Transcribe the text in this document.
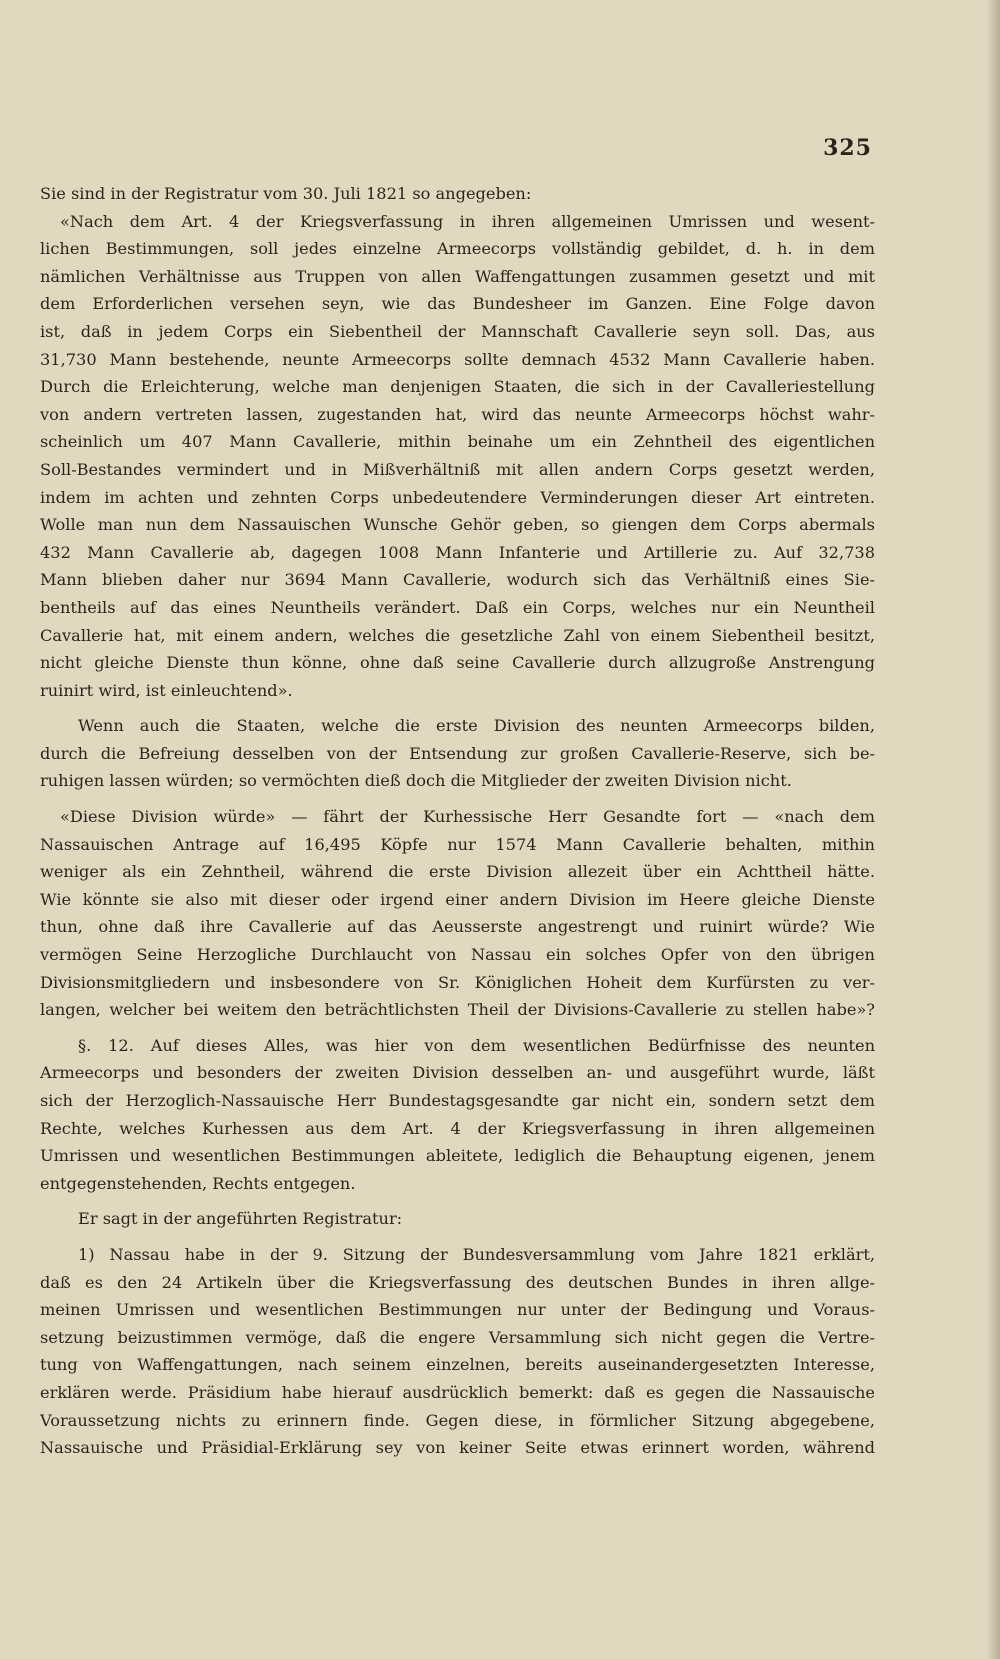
325
Sie sind in der Registratur vom 30. Juli 1821 so angegeben:
«Nach dem Art. 4 der Kriegsverfassung in ihren allgemeinen Umrissen und wesent-
lichen Bestimmungen, soll jedes einzelne Armeecorps vollständig gebildet, d. h. in dem
nämlichen Verhältnisse aus Truppen von allen Waffengattungen zusammen gesetzt und mit
dem Erforderlichen versehen seyn, wie das Bundesheer im Ganzen. Eine Folge davon
ist, daß in jedem Corps ein Siebentheil der Mannschaft Cavallerie seyn soll. Das, aus
31,730 Mann bestehende, neunte Armeecorps sollte demnach 4532 Mann Cavallerie haben.
Durch die Erleichterung, welche man denjenigen Staaten, die sich in der Cavalleriestellung
von andern vertreten lassen, zugestanden hat, wird das neunte Armeecorps höchst wahr-
scheinlich um 407 Mann Cavallerie, mithin beinahe um ein Zehntheil des eigentlichen
Soll-Bestandes vermindert und in Mißverhältniß mit allen andern Corps gesetzt werden,
indem im achten und zehnten Corps unbedeutendere Verminderungen dieser Art eintreten.
Wolle man nun dem Nassauischen Wunsche Gehör geben, so giengen dem Corps abermals
432 Mann Cavallerie ab, dagegen 1008 Mann Infanterie und Artillerie zu. Auf 32,738
Mann blieben daher nur 3694 Mann Cavallerie, wodurch sich das Verhältniß eines Sie-
bentheils auf das eines Neuntheils verändert. Daß ein Corps, welches nur ein Neuntheil
Cavallerie hat, mit einem andern, welches die gesetzliche Zahl von einem Siebentheil besitzt,
nicht gleiche Dienste thun könne, ohne daß seine Cavallerie durch allzugroße Anstrengung
ruinirt wird, ist einleuchtend».
Wenn auch die Staaten, welche die erste Division des neunten Armeecorps bilden,
durch die Befreiung desselben von der Entsendung zur großen Cavallerie-Reserve, sich be-
ruhigen lassen würden; so vermöchten dieß doch die Mitglieder der zweiten Division nicht.
«Diese Division würde» — fährt der Kurhessische Herr Gesandte fort — «nach dem
Nassauischen Antrage auf 16,495 Köpfe nur 1574 Mann Cavallerie behalten, mithin
weniger als ein Zehntheil, während die erste Division allezeit über ein Achttheil hätte.
Wie könnte sie also mit dieser oder irgend einer andern Division im Heere gleiche Dienste
thun, ohne daß ihre Cavallerie auf das Aeusserste angestrengt und ruinirt würde? Wie
vermögen Seine Herzogliche Durchlaucht von Nassau ein solches Opfer von den übrigen
Divisionsmitgliedern und insbesondere von Sr. Königlichen Hoheit dem Kurfürsten zu ver-
langen, welcher bei weitem den beträchtlichsten Theil der Divisions-Cavallerie zu stellen habe»?
§. 12. Auf dieses Alles, was hier von dem wesentlichen Bedürfnisse des neunten
Armeecorps und besonders der zweiten Division desselben an- und ausgeführt wurde, läßt
sich der Herzoglich-Nassauische Herr Bundestagsgesandte gar nicht ein, sondern setzt dem
Rechte, welches Kurhessen aus dem Art. 4 der Kriegsverfassung in ihren allgemeinen
Umrissen und wesentlichen Bestimmungen ableitete, lediglich die Behauptung eigenen, jenem
entgegenstehenden, Rechts entgegen.
Er sagt in der angeführten Registratur:
1) Nassau habe in der 9. Sitzung der Bundesversammlung vom Jahre 1821 erklärt,
daß es den 24 Artikeln über die Kriegsverfassung des deutschen Bundes in ihren allge-
meinen Umrissen und wesentlichen Bestimmungen nur unter der Bedingung und Voraus-
setzung beizustimmen vermöge, daß die engere Versammlung sich nicht gegen die Vertre-
tung von Waffengattungen, nach seinem einzelnen, bereits auseinandergesetzten Interesse,
erklären werde. Präsidium habe hierauf ausdrücklich bemerkt: daß es gegen die Nassauische
Voraussetzung nichts zu erinnern finde. Gegen diese, in förmlicher Sitzung abgegebene,
Nassauische und Präsidial-Erklärung sey von keiner Seite etwas erinnert worden, während
